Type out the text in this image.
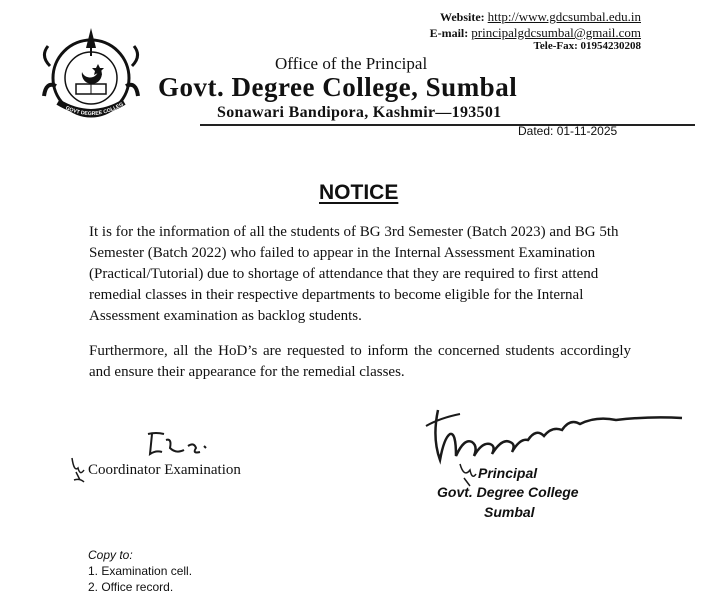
GOVT DEGREE COLLEGE SUMBAL
Website: http://www.gdcsumbal.edu.in
E-mail: principalgdcsumbal@gmail.com
Tele-Fax: 01954230208
Office of the Principal
Govt. Degree College, Sumbal
Sonawari Bandipora, Kashmir—193501
Dated: 01-11-2025
NOTICE
It is for the information of all the students of BG 3rd Semester (Batch 2023) and BG 5th Semester (Batch 2022) who failed to appear in the Internal Assessment Examination (Practical/Tutorial) due to shortage of attendance that they are required to first attend remedial classes in their respective departments to become eligible for the Internal Assessment examination as backlog students.
Furthermore, all the HoD’s are requested to inform the concerned students accordingly and ensure their appearance for the remedial classes.
Coordinator Examination	Principal
Govt. Degree College
Sumbal
Copy to:
1. Examination cell.
2. Office record.
